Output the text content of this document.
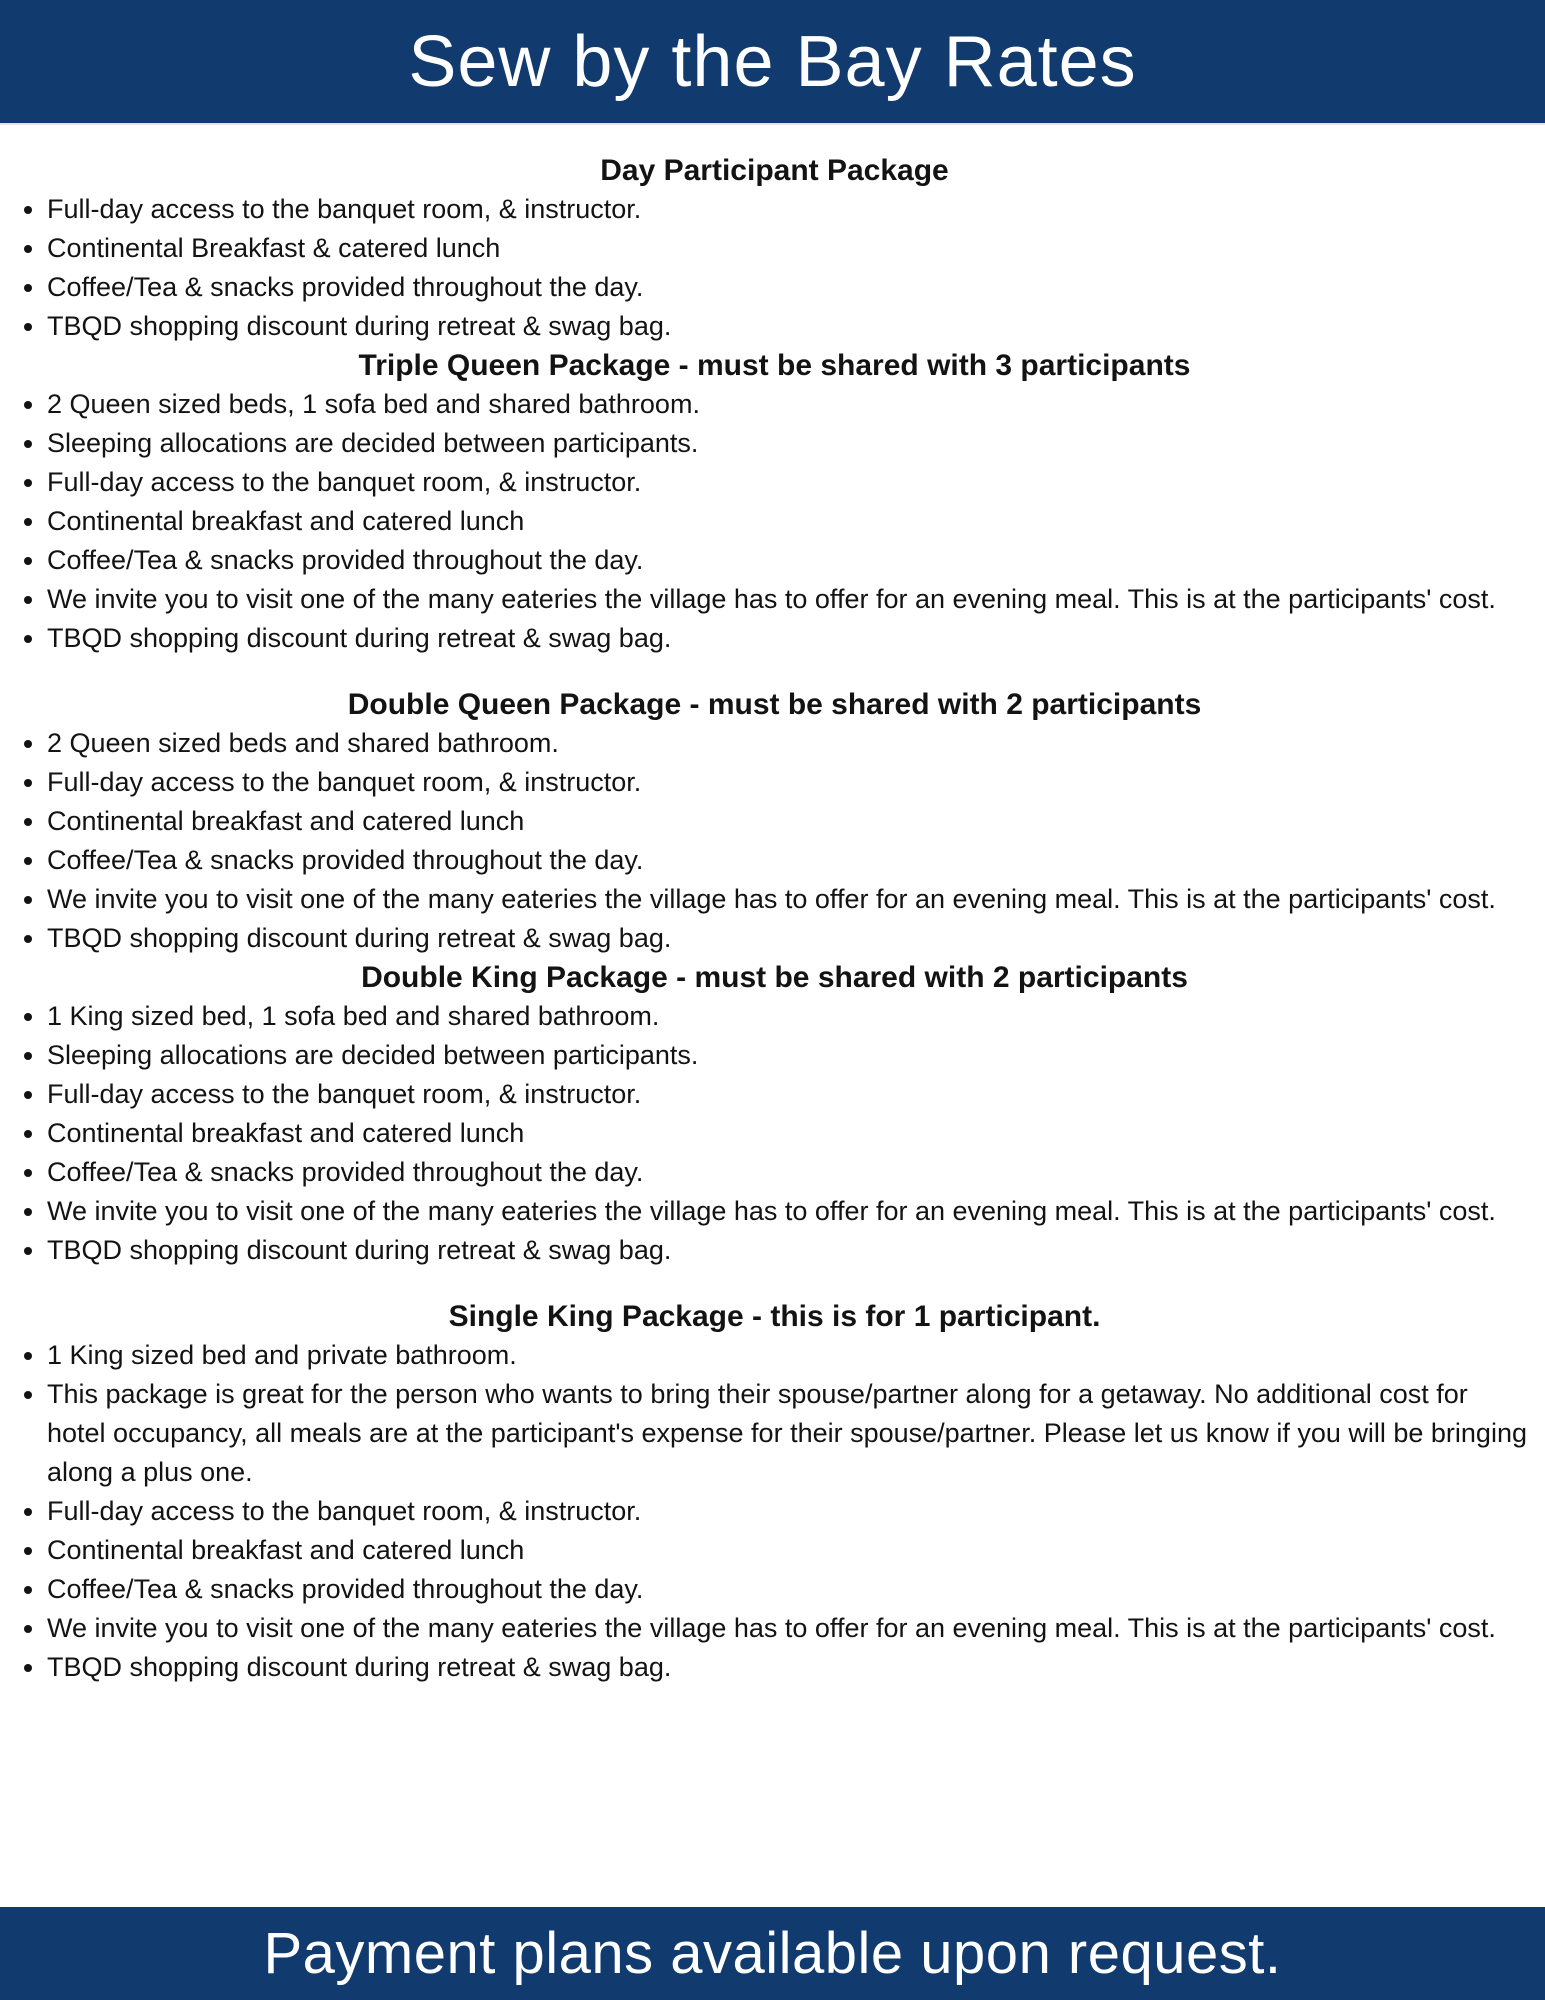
Sew by the Bay Rates
Day Participant Package
Full-day access to the banquet room, & instructor.
Continental Breakfast & catered lunch
Coffee/Tea & snacks provided throughout the day.
TBQD shopping discount during retreat & swag bag.
Triple Queen Package - must be shared with 3 participants
2 Queen sized beds, 1 sofa bed and shared bathroom.
Sleeping allocations are decided between participants.
Full-day access to the banquet room, & instructor.
Continental breakfast and catered lunch
Coffee/Tea & snacks provided throughout the day.
We invite you to visit one of the many eateries the village has to offer for an evening meal. This is at the participants' cost.
TBQD shopping discount during retreat & swag bag.
Double Queen Package - must be shared with 2 participants
2 Queen sized beds and shared bathroom.
Full-day access to the banquet room, & instructor.
Continental breakfast and catered lunch
Coffee/Tea & snacks provided throughout the day.
We invite you to visit one of the many eateries the village has to offer for an evening meal. This is at the participants' cost.
TBQD shopping discount during retreat & swag bag.
Double King Package - must be shared with 2 participants
1 King sized bed, 1 sofa bed and shared bathroom.
Sleeping allocations are decided between participants.
Full-day access to the banquet room, & instructor.
Continental breakfast and catered lunch
Coffee/Tea & snacks provided throughout the day.
We invite you to visit one of the many eateries the village has to offer for an evening meal. This is at the participants' cost.
TBQD shopping discount during retreat & swag bag.
Single King Package - this is for 1 participant.
1 King sized bed and private bathroom.
This package is great for the person who wants to bring their spouse/partner along for a getaway. No additional cost for hotel occupancy, all meals are at the participant's expense for their spouse/partner. Please let us know if you will be bringing along a plus one.
Full-day access to the banquet room, & instructor.
Continental breakfast and catered lunch
Coffee/Tea & snacks provided throughout the day.
We invite you to visit one of the many eateries the village has to offer for an evening meal. This is at the participants' cost.
TBQD shopping discount during retreat & swag bag.
Payment plans available upon request.
